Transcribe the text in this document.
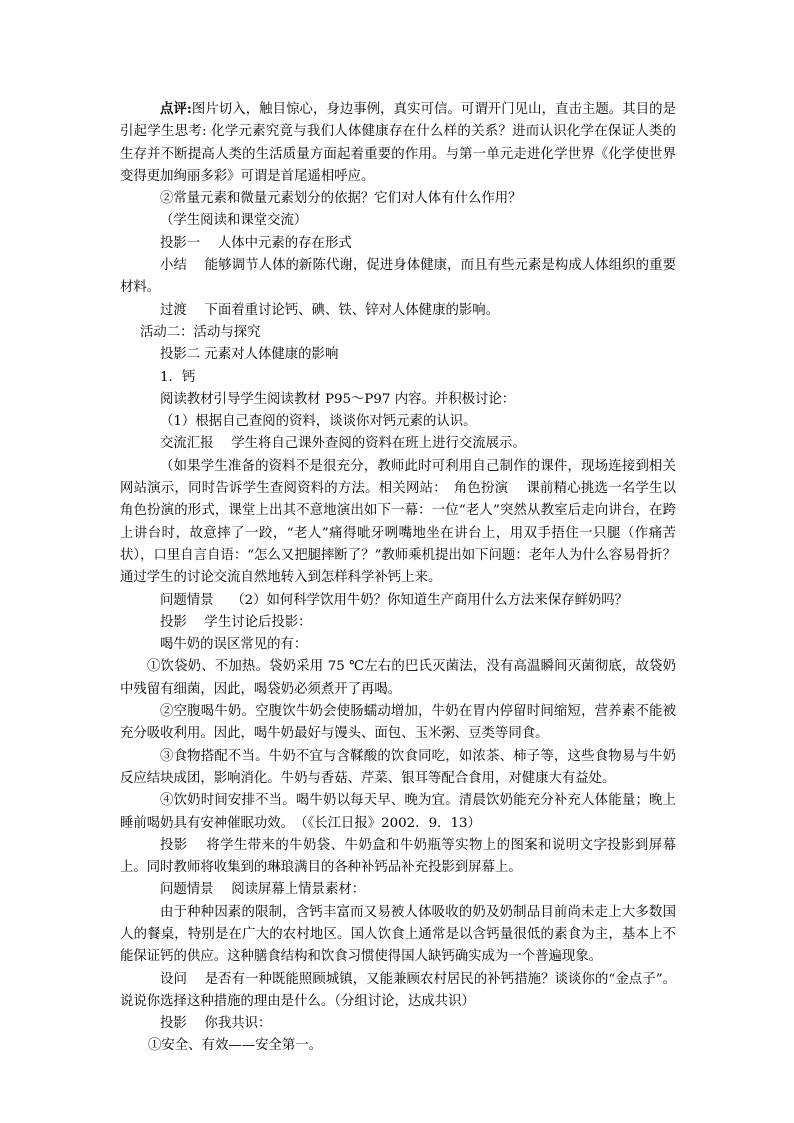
点评:图片切入，触目惊心，身边事例，真实可信。可谓开门见山，直击主题。其目的是引起学生思考: 化学元素究竟与我们人体健康存在什么样的关系？进而认识化学在保证人类的生存并不断提高人类的生活质量方面起着重要的作用。与第一单元走进化学世界《化学使世界变得更加绚丽多彩》可谓是首尾遥相呼应。

②常量元素和微量元素划分的依据？它们对人体有什么作用？

（学生阅读和课堂交流）

投影一　 人体中元素的存在形式

小结　 能够调节人体的新陈代谢，促进身体健康，而且有些元素是构成人体组织的重要材料。

过渡　 下面着重讨论钙、碘、铁、锌对人体健康的影响。

活动二：活动与探究

投影二 元素对人体健康的影响

1．钙

阅读教材引导学生阅读教材 P95～P97 内容。并积极讨论：

（1）根据自己查阅的资料，谈谈你对钙元素的认识。

交流汇报　 学生将自己课外查阅的资料在班上进行交流展示。

（如果学生准备的资料不是很充分，教师此时可利用自己制作的课件，现场连接到相关网站演示，同时告诉学生查阅资料的方法。相关网站：　角色扮演　 课前精心挑选一名学生以角色扮演的形式，课堂上出其不意地演出如下一幕：一位“老人”突然从教室后走向讲台，在跨上讲台时，故意摔了一跤，“老人”痛得呲牙咧嘴地坐在讲台上，用双手捂住一只腿（作痛苦状），口里自言自语：“怎么又把腿摔断了？”教师乘机提出如下问题：老年人为什么容易骨折？通过学生的讨论交流自然地转入到怎样科学补钙上来。

问题情景　 （2）如何科学饮用牛奶？你知道生产商用什么方法来保存鲜奶吗？

投影　 学生讨论后投影：

喝牛奶的误区常见的有：

①饮袋奶、不加热。袋奶采用 75 ℃左右的巴氏灭菌法，没有高温瞬间灭菌彻底，故袋奶中残留有细菌，因此，喝袋奶必须煮开了再喝。

②空腹喝牛奶。空腹饮牛奶会使肠蠕动增加，牛奶在胃内停留时间缩短，营养素不能被充分吸收利用。因此，喝牛奶最好与馒头、面包、玉米粥、豆类等同食。

③食物搭配不当。牛奶不宜与含鞣酸的饮食同吃，如浓茶、柿子等，这些食物易与牛奶反应结块成团，影响消化。牛奶与香菇、芹菜、银耳等配合食用，对健康大有益处。

④饮奶时间安排不当。喝牛奶以每天早、晚为宜。清晨饮奶能充分补充人体能量；晚上睡前喝奶具有安神催眠功效。　（《长江日报》2002．9．13）

投影　 将学生带来的牛奶袋、牛奶盒和牛奶瓶等实物上的图案和说明文字投影到屏幕上。同时教师将收集到的琳琅满目的各种补钙品补充投影到屏幕上。

问题情景　 阅读屏幕上情景素材：

由于种种因素的限制，含钙丰富而又易被人体吸收的奶及奶制品目前尚未走上大多数国人的餐桌，特别是在广大的农村地区。国人饮食上通常是以含钙量很低的素食为主，基本上不能保证钙的供应。这种膳食结构和饮食习惯使得国人缺钙确实成为一个普遍现象。

设问　 是否有一种既能照顾城镇，又能兼顾农村居民的补钙措施？谈谈你的“金点子”。说说你选择这种措施的理由是什么。（分组讨论，达成共识）

投影　 你我共识：

①安全、有效——安全第一。
